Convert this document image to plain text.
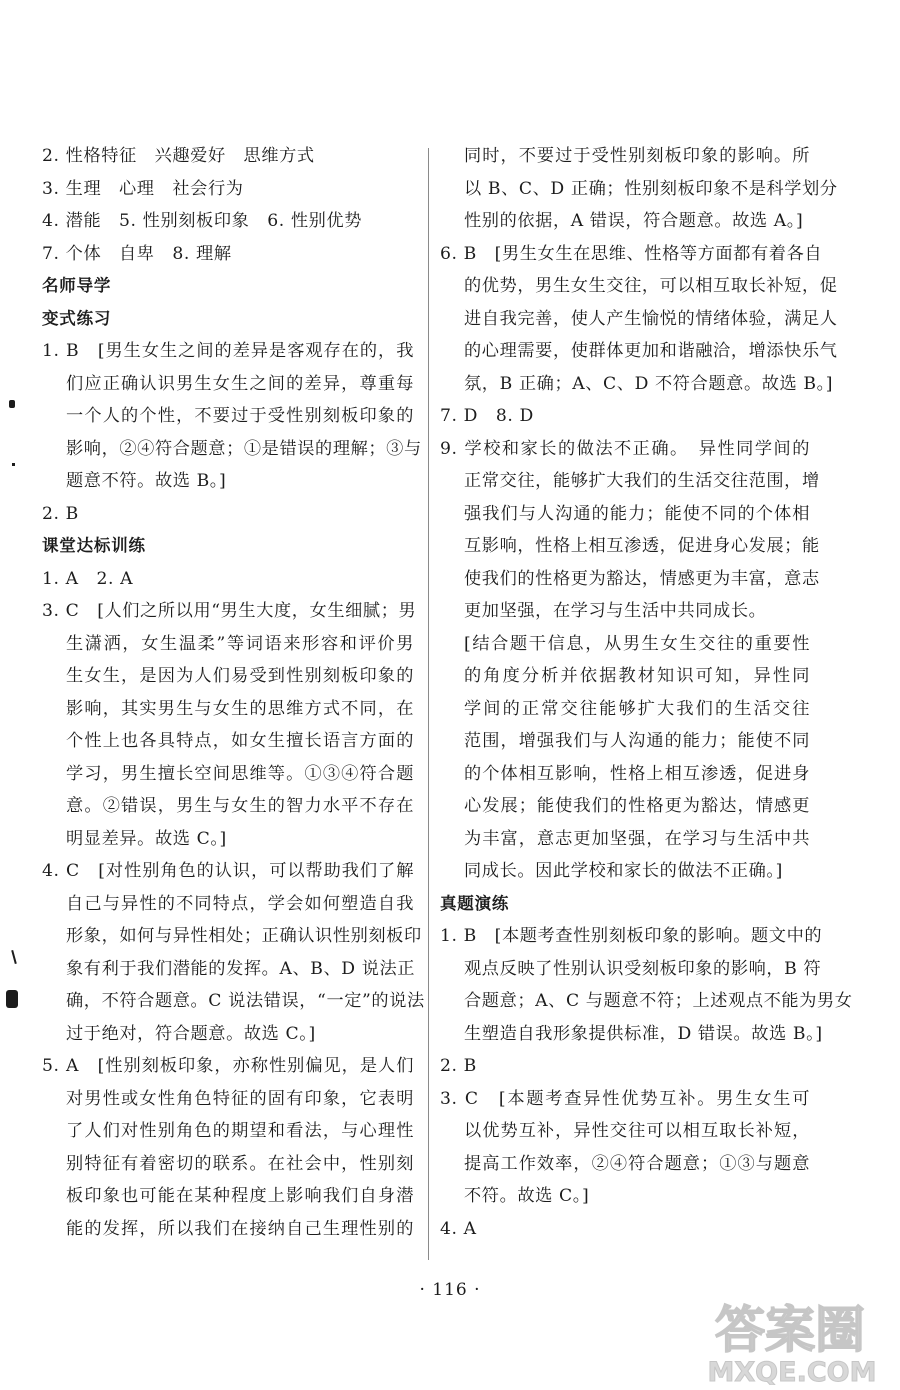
2. 性格特征　兴趣爱好　思维方式
3. 生理　心理　社会行为
4. 潜能　5. 性别刻板印象　6. 性别优势
7. 个体　自卑　8. 理解
名师导学
变式练习
1. B　[男生女生之间的差异是客观存在的，我
们应正确认识男生女生之间的差异，尊重每
一个人的个性，不要过于受性别刻板印象的
影响，②④符合题意；①是错误的理解；③与
题意不符。故选 B。]
2. B
课堂达标训练
1. A　2. A
3. C　[人们之所以用“男生大度，女生细腻；男
生潇洒，女生温柔”等词语来形容和评价男
生女生，是因为人们易受到性别刻板印象的
影响，其实男生与女生的思维方式不同，在
个性上也各具特点，如女生擅长语言方面的
学习，男生擅长空间思维等。①③④符合题
意。②错误，男生与女生的智力水平不存在
明显差异。故选 C。]
4. C　[对性别角色的认识，可以帮助我们了解
自己与异性的不同特点，学会如何塑造自我
形象，如何与异性相处；正确认识性别刻板印
象有利于我们潜能的发挥。A、B、D 说法正
确，不符合题意。C 说法错误，“一定”的说法
过于绝对，符合题意。故选 C。]
5. A　[性别刻板印象，亦称性别偏见，是人们
对男性或女性角色特征的固有印象，它表明
了人们对性别角色的期望和看法，与心理性
别特征有着密切的联系。在社会中，性别刻
板印象也可能在某种程度上影响我们自身潜
能的发挥，所以我们在接纳自己生理性别的
同时，不要过于受性别刻板印象的影响。所
以 B、C、D 正确；性别刻板印象不是科学划分
性别的依据，A 错误，符合题意。故选 A。]
6. B　[男生女生在思维、性格等方面都有着各自
的优势，男生女生交往，可以相互取长补短，促
进自我完善，使人产生愉悦的情绪体验，满足人
的心理需要，使群体更加和谐融洽，增添快乐气
氛，B 正确；A、C、D 不符合题意。故选 B。]
7. D　8. D
9. 学校和家长的做法不正确。　异性同学间的
正常交往，能够扩大我们的生活交往范围，增
强我们与人沟通的能力；能使不同的个体相
互影响，性格上相互渗透，促进身心发展；能
使我们的性格更为豁达，情感更为丰富，意志
更加坚强，在学习与生活中共同成长。
[结合题干信息，从男生女生交往的重要性
的角度分析并依据教材知识可知，异性同
学间的正常交往能够扩大我们的生活交往
范围，增强我们与人沟通的能力；能使不同
的个体相互影响，性格上相互渗透，促进身
心发展；能使我们的性格更为豁达，情感更
为丰富，意志更加坚强，在学习与生活中共
同成长。因此学校和家长的做法不正确。]
真题演练
1. B　[本题考查性别刻板印象的影响。题文中的
观点反映了性别认识受刻板印象的影响，B 符
合题意；A、C 与题意不符；上述观点不能为男女
生塑造自我形象提供标准，D 错误。故选 B。]
2. B
3. C　[本题考查异性优势互补。男生女生可
以优势互补，异性交往可以相互取长补短，
提高工作效率，②④符合题意；①③与题意
不符。故选 C。]
4. A
· 116 ·
答案圈
MXQE.COM
